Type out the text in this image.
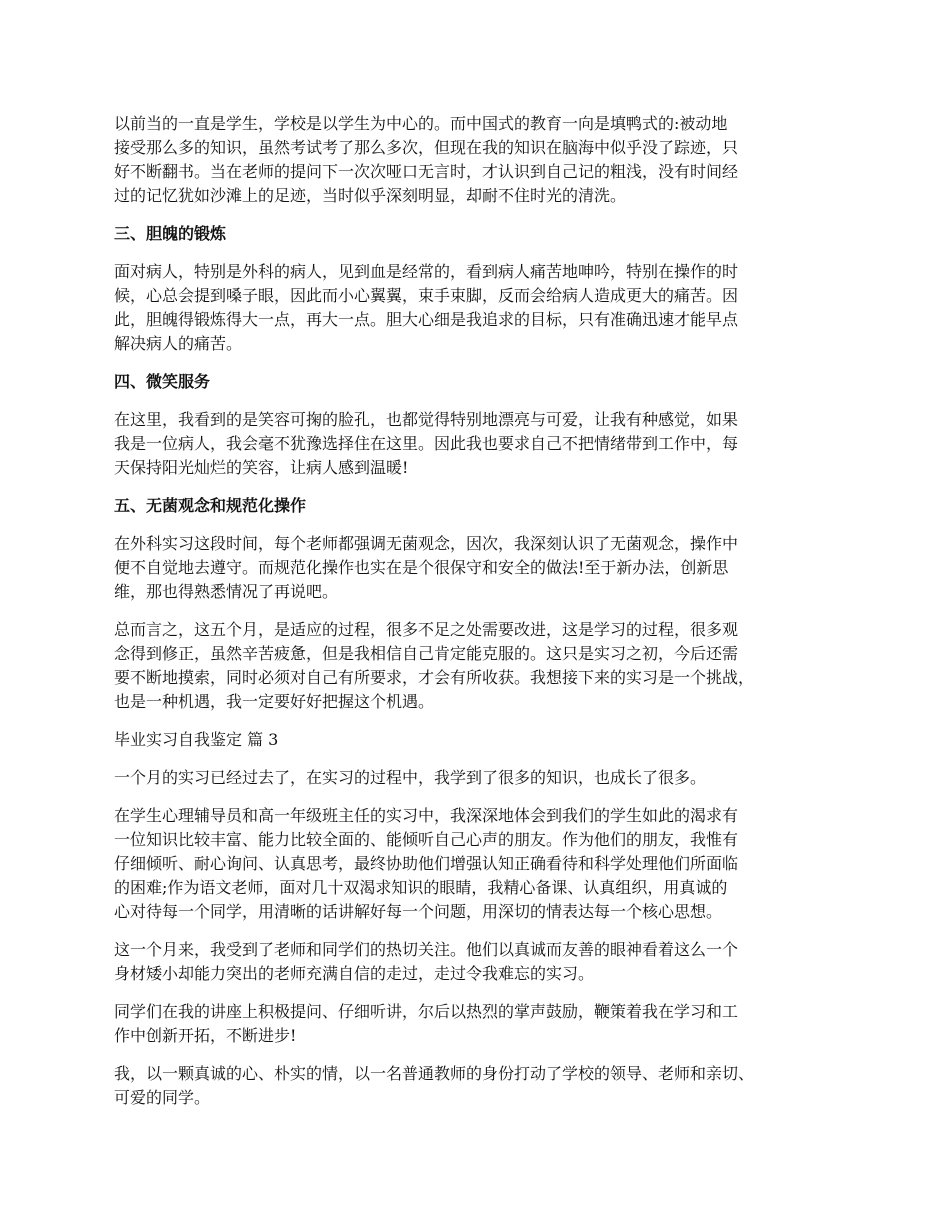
以前当的一直是学生，学校是以学生为中心的。而中国式的教育一向是填鸭式的:被动地
接受那么多的知识，虽然考试考了那么多次，但现在我的知识在脑海中似乎没了踪迹，只
好不断翻书。当在老师的提问下一次次哑口无言时，才认识到自己记的粗浅，没有时间经
过的记忆犹如沙滩上的足迹，当时似乎深刻明显，却耐不住时光的清洗。

三、胆魄的锻炼

面对病人，特别是外科的病人，见到血是经常的，看到病人痛苦地呻吟，特别在操作的时
候，心总会提到嗓子眼，因此而小心翼翼，束手束脚，反而会给病人造成更大的痛苦。因
此，胆魄得锻炼得大一点，再大一点。胆大心细是我追求的目标，只有准确迅速才能早点
解决病人的痛苦。

四、微笑服务

在这里，我看到的是笑容可掬的脸孔，也都觉得特别地漂亮与可爱，让我有种感觉，如果
我是一位病人，我会毫不犹豫选择住在这里。因此我也要求自己不把情绪带到工作中，每
天保持阳光灿烂的笑容，让病人感到温暖!

五、无菌观念和规范化操作

在外科实习这段时间，每个老师都强调无菌观念，因次，我深刻认识了无菌观念，操作中
便不自觉地去遵守。而规范化操作也实在是个很保守和安全的做法!至于新办法，创新思
维，那也得熟悉情况了再说吧。

总而言之，这五个月，是适应的过程，很多不足之处需要改进，这是学习的过程，很多观
念得到修正，虽然辛苦疲惫，但是我相信自己肯定能克服的。这只是实习之初，今后还需
要不断地摸索，同时必须对自己有所要求，才会有所收获。我想接下来的实习是一个挑战，
也是一种机遇，我一定要好好把握这个机遇。

毕业实习自我鉴定 篇 3

一个月的实习已经过去了，在实习的过程中，我学到了很多的知识，也成长了很多。

在学生心理辅导员和高一年级班主任的实习中，我深深地体会到我们的学生如此的渴求有
一位知识比较丰富、能力比较全面的、能倾听自己心声的朋友。作为他们的朋友，我惟有
仔细倾听、耐心询问、认真思考，最终协助他们增强认知正确看待和科学处理他们所面临
的困难;作为语文老师，面对几十双渴求知识的眼睛，我精心备课、认真组织，用真诚的
心对待每一个同学，用清晰的话讲解好每一个问题，用深切的情表达每一个核心思想。

这一个月来，我受到了老师和同学们的热切关注。他们以真诚而友善的眼神看着这么一个
身材矮小却能力突出的老师充满自信的走过，走过令我难忘的实习。

同学们在我的讲座上积极提问、仔细听讲，尔后以热烈的掌声鼓励，鞭策着我在学习和工
作中创新开拓，不断进步!

我，以一颗真诚的心、朴实的情，以一名普通教师的身份打动了学校的领导、老师和亲切、
可爱的同学。
